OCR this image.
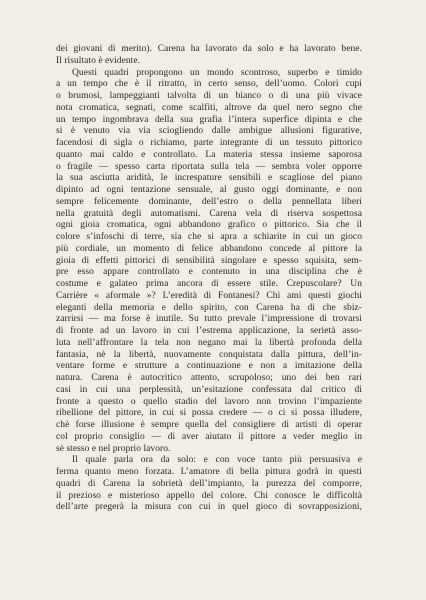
dei giovani di merito). Carena ha lavorato da solo e ha lavorato bene.
Il risultato è evidente.
Questi quadri propongono un mondo scontroso, superbo e timido
a un tempo che è il ritratto, in certo senso, dell’uomo. Colori cupi
o brumosi, lampeggianti talvolta di un bianco o di una più vivace
nota cromatica, segnati, come scalfiti, altrove da quel nero segno che
un tempo ingombrava della sua grafia l’intera superfice dipinta e che
si è venuto via via sciogliendo dalle ambigue allusioni figurative,
facendosi di sigla o richiamo, parte integrante di un tessuto pittorico
quanto mai caldo e controllato. La materia stessa insieme saporosa
o fragile — spesso carta riportata sulla tela — sembra voler opporre
la sua asciutta aridità, le increspature sensibili e scagliose del piano
dipinto ad ogni tentazione sensuale, al gusto oggi dominante, e non
sempre felicemente dominante, dell’estro o della pennellata liberi
nella gratuità degli automatismi. Carena vela di riserva sospettosa
ogni gioia cromatica, ogni abbandono grafico o pittorico. Sia che il
colore s’infoschi di terre, sia che si apra a schiarite in cui un gioco
più cordiale, un momento di felice abbandono concede al pittore la
gioia di effetti pittorici di sensibilità singolare e spesso squisita, sem-
pre esso appare controllato e contenuto in una disciplina che è
costume e galateo prima ancora di essere stile. Crepuscolare? Un
Carrière « aformale »? L’eredità di Fontanesi? Chi ami questi giochi
eleganti della memoria e dello spirito, con Carena ha di che sbiz-
zarrirsi — ma forse è inutile. Su tutto prevale l’impressione di trovarsi
di fronte ad un lavoro in cui l’estrema applicazione, la serietà asso-
luta nell’affrontare la tela non negano mai la libertà profonda della
fantasia, nè la libertà, nuovamente conquistata dalla pittura, dell’in-
ventare forme e strutture a continuazione e non a imitazione della
natura. Carena è autocritico attento, scrupoloso; uno dei ben rari
casi in cui una perplessità, un’esitazione confessata dal critico di
fronte a questo o quello stadio del lavoro non trovino l’impaziente
ribellione del pittore, in cui si possa credere — o ci si possa illudere,
chè forse illusione è sempre quella del consigliere di artisti di operar
col proprio consiglio — di aver aiutato il pittore a veder meglio in
sè stesso e nel proprio lavoro.
Il quale parla ora da solo: e con voce tanto più persuasiva e
ferma quanto meno forzata. L’amatore di bella pittura godrà in questi
quadri di Carena la sobrietà dell’impianto, la purezza del comporre,
il prezioso e misterioso appello del colore. Chi conosce le difficoltà
dell’arte pregerà la misura con cui in quel gioco di sovrapposizioni,
